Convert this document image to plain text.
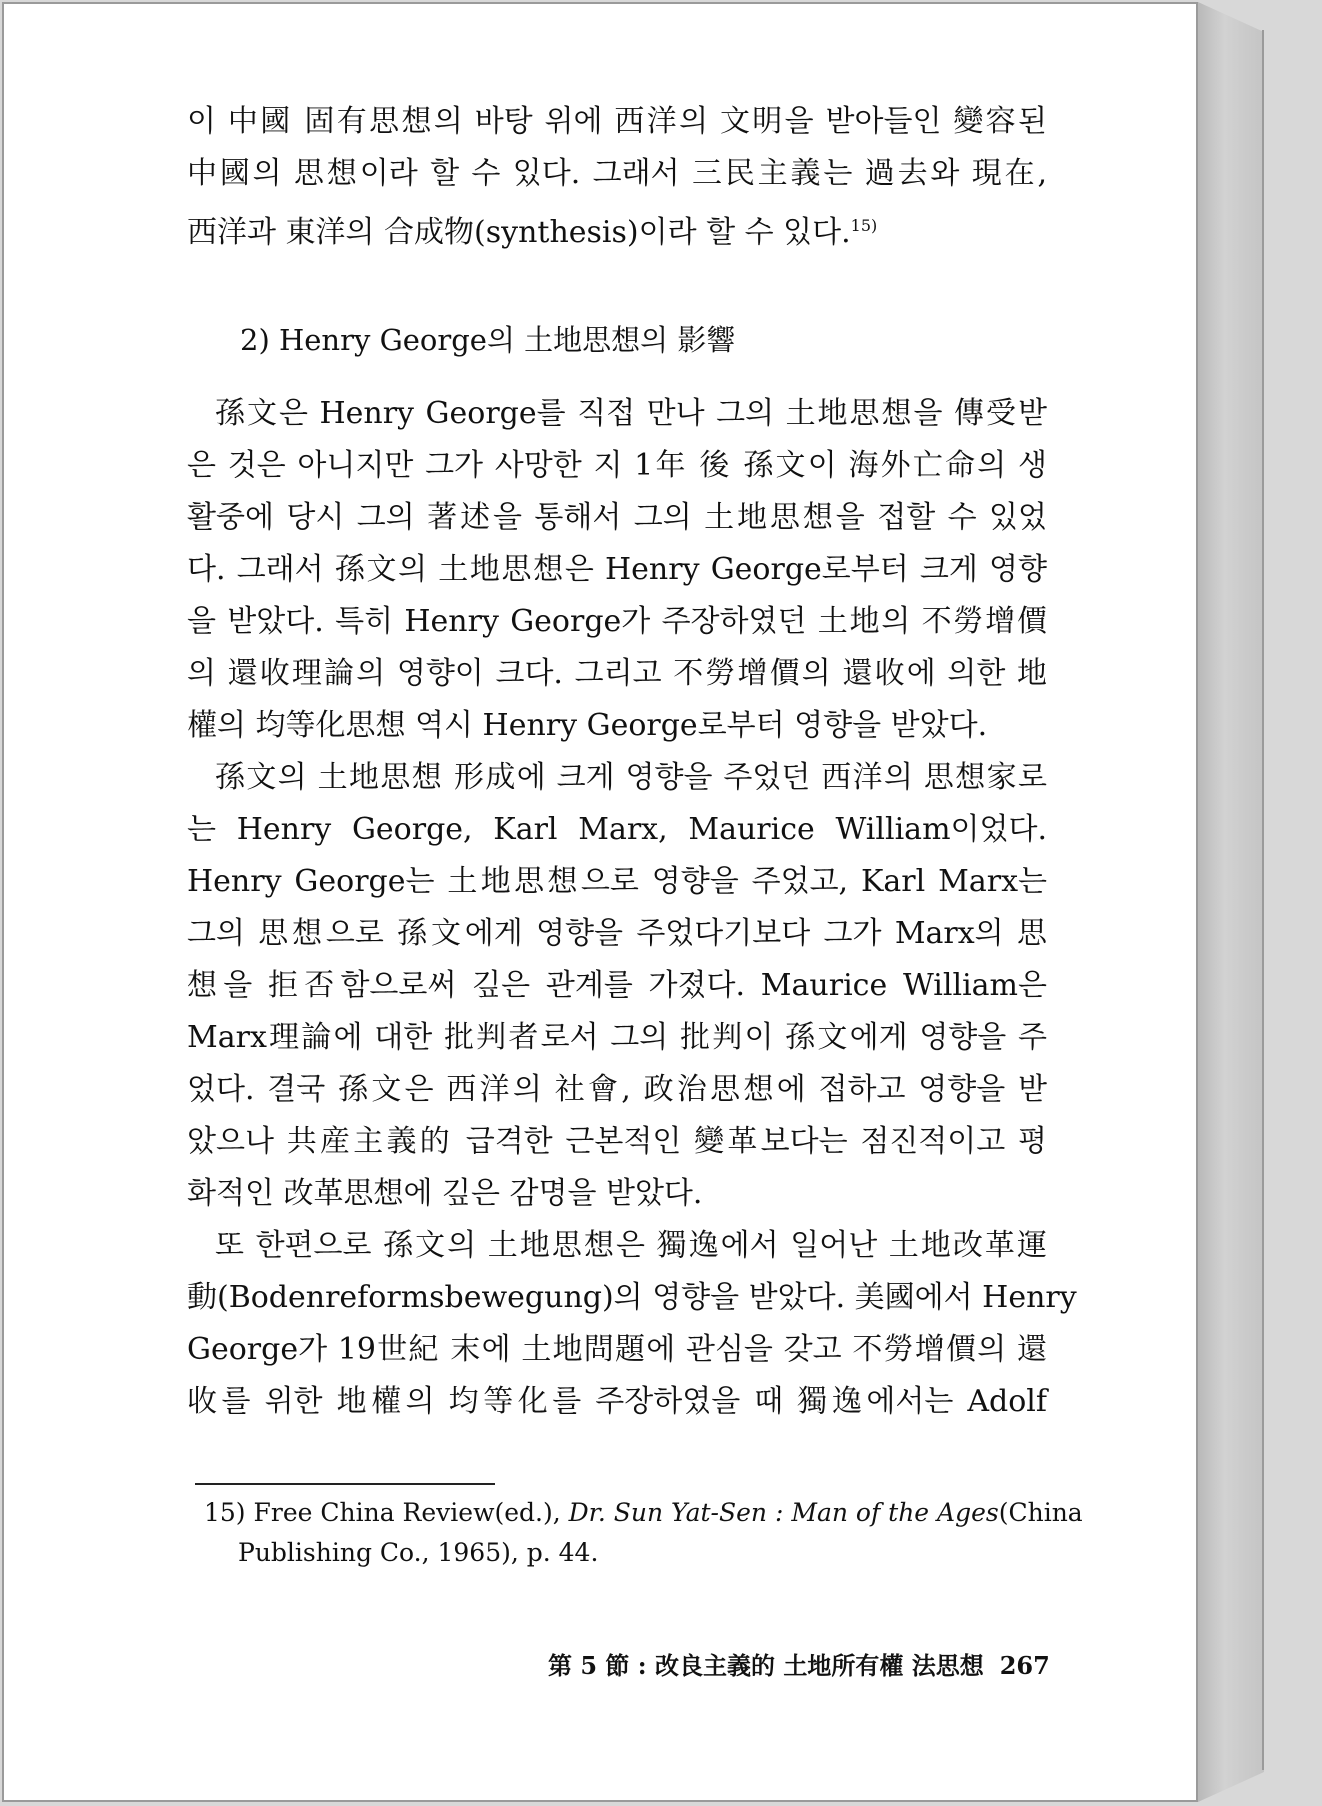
이 中國 固有思想의 바탕 위에 西洋의 文明을 받아들인 變容된
中國의 思想이라 할 수 있다. 그래서 三民主義는 過去와 現在,
西洋과 東洋의 合成物(synthesis)이라 할 수 있다.$^{15)}$
2) Henry George의 土地思想의 影響
孫文은 Henry George를 직접 만나 그의 土地思想을 傳受받
은 것은 아니지만 그가 사망한 지 1年 後 孫文이 海外亡命의 생
활중에 당시 그의 著述을 통해서 그의 土地思想을 접할 수 있었
다. 그래서 孫文의 土地思想은 Henry George로부터 크게 영향
을 받았다. 특히 Henry George가 주장하였던 土地의 不勞增價
의 還收理論의 영향이 크다. 그리고 不勞增價의 還收에 의한 地
權의 均等化思想 역시 Henry George로부터 영향을 받았다.
孫文의 土地思想 形成에 크게 영향을 주었던 西洋의 思想家로
는 Henry George, Karl Marx, Maurice William이었다.
Henry George는 土地思想으로 영향을 주었고, Karl Marx는
그의 思想으로 孫文에게 영향을 주었다기보다 그가 Marx의 思
想을 拒否함으로써 깊은 관계를 가졌다. Maurice William은
Marx理論에 대한 批判者로서 그의 批判이 孫文에게 영향을 주
었다. 결국 孫文은 西洋의 社會, 政治思想에 접하고 영향을 받
았으나 共産主義的 급격한 근본적인 變革보다는 점진적이고 평
화적인 改革思想에 깊은 감명을 받았다.
또 한편으로 孫文의 土地思想은 獨逸에서 일어난 土地改革運
動(Bodenreformsbewegung)의 영향을 받았다. 美國에서 Henry
George가 19世紀 末에 土地問題에 관심을 갖고 不勞增價의 還
收를 위한 地權의 均等化를 주장하였을 때 獨逸에서는 Adolf
15) Free China Review(ed.), Dr. Sun Yat-Sen : Man of the Ages(China
Publishing Co., 1965), p. 44.
第 5 節 : 改良主義的 土地所有權 法思想 267
